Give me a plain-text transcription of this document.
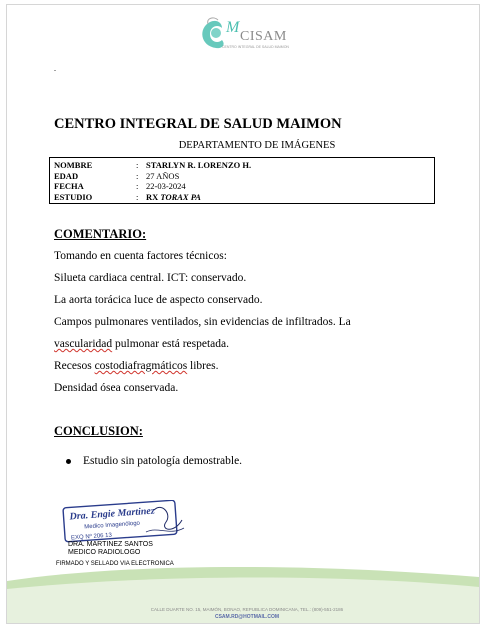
M
CISAM
CENTRO INTEGRAL DE SALUD MAIMON
.
CENTRO INTEGRAL DE SALUD MAIMON
DEPARTAMENTO DE IMÁGENES
NOMBRE	: STARLYN R. LORENZO H.
EDAD	: 27 AÑOS
FECHA	: 22-03-2024
ESTUDIO	: RX TORAX PA
COMENTARIO:
Tomando en cuenta factores técnicos:
Silueta cardiaca central. ICT: conservado.
La aorta torácica luce de aspecto conservado.
Campos pulmonares ventilados, sin evidencias de infiltrados. La
vascularidad pulmonar está respetada.
Recesos costodiafragmáticos libres.
Densidad ósea conservada.
CONCLUSION:
Estudio sin patología demostrable.
Dra. Engie Martinez
Medico Imagenólogo
EXQ Nº 206 13
DRA. MARTINEZ SANTOS
MEDICO RADIOLOGO
FIRMADO Y SELLADO VIA ELECTRONICA
CALLE DUARTE NO. 15, MAIMÓN, BONAO, REPUBLICA DOMINICANA, TEL.: (809)-551-2186
CSAM.RD@HOTMAIL.COM
